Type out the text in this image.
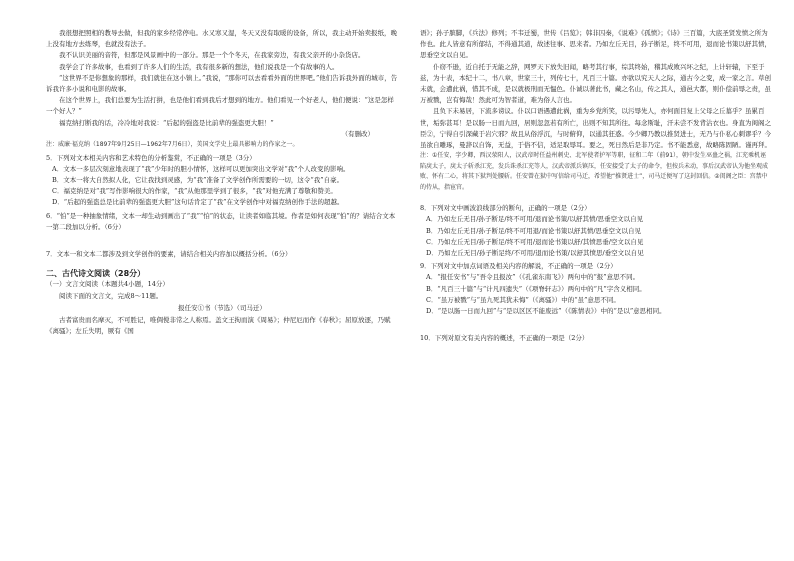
我很想把照相的教导去做，但我的家乡经常停电。水又寒又湿，冬天又没有取暖的设备，所以，我主动开始卖报纸，晚上没有地方去练琴，也就没有法子。

我不认识美丽的音符，但那是风景画中的一部分。那是一个个冬天，在我家旁边，有我父亲开的小杂货店。

我学会了许多故事，也看到了许多人们的生活，我有很多新的想法，他们说我是一个有故事的人。

“这世界不是你想象的那样，我们就住在这小镇上。”我说，“那你可以去看看外面的世界吧。”他们告诉我外面的城市，告诉我许多小说和电影的故事。

在这个世界上，我们总要为生活打拼，也是他们看到我后才想到的地方。他们看见一个好老人，他们便说：“这是怎样一个好人？”

福克纳打断我的话，冷冷地对我说：“后起的强盗是比前辈的强盗更大胆！”

（有删改）

注：威廉·福克纳（1897年9月25日—1962年7月6日），美国文学史上最具影响力的作家之一。

5．下列对文本相关内容和艺术特色的分析鉴赏，不正确的一项是（3分）

A．文本一多层次刻意地表现了“我”少年时的胆小情怀，这样可以更加突出文学对“我”个人改变的影响。

B．文本一将大自然拟人化，它让我找到灵感，为“我”准备了文学创作所需要的一切，这令“我”自豪。

C．福克纳是对“我”写作影响很大的作家，“我”从他那里学到了很多，“我”对他充满了尊敬和赞美。

D．“后起的强盗总是比前辈的强盗更大胆”这句话肯定了“我”在文学创作中对福克纳创作手法的超越。

6．“怕”是一种抽象情绪，文本一却生动到画出了“我”“怕”的状态，让读者如临其境。作者是如何表现“怕”的？请结合文本一第二段加以分析。（6分）

7．文本一和文本二都涉及到文学创作的要素，请结合相关内容加以概括分析。（6分）

二、古代诗文阅读（28分）

（一）文言文阅读（本题共4小题，14分）

阅读下面的文言文，完成8～11题。

报任安①书（节选）（司马迁）

古者富贵而名摩灭，不可胜记，唯倜傥非常之人称焉。盖文王拘而演《周易》；仲尼厄而作《春秋》；屈原放逐，乃赋《离骚》；左丘失明，厥有《国

语》；孙子膑脚，《兵法》修列；不韦迁蜀，世传《吕览》；韩非囚秦，《说难》《孤愤》；《诗》三百篇，大底圣贤发愤之所为作也。此人皆意有所郁结，不得通其道，故述往事、思来者。乃如左丘无目，孙子断足，终不可用，退而论书策以舒其愤，思垂空文以自见。

仆窃不逊，近自托于无能之辞，网罗天下放失旧闻，略考其行事，综其终始，稽其成败兴坏之纪，上计轩辕，下至于兹，为十表，本纪十二，书八章，世家三十，列传七十，凡百三十篇。亦欲以究天人之际，通古今之变，成一家之言。草创未就，会遭此祸，惜其不成，是以就极刑而无愠色。仆诚以著此书，藏之名山，传之其人，通邑大都，则仆偿前辱之责，虽万被戮，岂有悔哉！然此可为智者道，难为俗人言也。

且负下未易居，下流多谤议。仆以口语遇遭此祸，重为乡党所笑，以污辱先人，亦何面目复上父母之丘墓乎？虽累百世，垢弥甚耳！是以肠一日而九回，居则忽忽若有所亡，出则不知其所往。每念斯耻，汗未尝不发背沾衣也。身直为闺阁之臣②，宁得自引深藏于岩穴邪？故且从俗浮沉，与时俯仰，以通其狂惑。今少卿乃教以推贤进士，无乃与仆私心刺谬乎？今虽欲自雕琢，曼辞以自饰，无益，于俗不信，适足取辱耳。要之，死日然后是非乃定。书不能悉意，故略陈固陋。谨再拜。

注：①任安，字少卿，西汉荥阳人，汉武帝时任益州刺史、北军使者护军等职，征和二年（前91），朝中发生巫蛊之祸，江充乘机诬陷戾太子，戾太子斩杀江充，发兵诛杀江充等人，汉武帝派兵镇压，任安接受了太子的命令，但按兵未动，事后汉武帝认为他坐观成败、怀有二心，将其下狱判处腰斩。任安曾在狱中写信给司马迁，希望他“推贤进士”，司马迁便写了这封回信。②闺阁之臣：宫禁中的侍从，指宦官。

8．下列对文中画波浪线部分的断句，正确的一项是（2分）

A．乃如左丘无目/孙子断足/终不可用/退而论书策/以舒其愤/思垂空文以自见

B．乃如左丘无目/孙子断足/终不可用退/而论书策以舒其愤/思垂空文以自见

C．乃如左丘无目/孙子断足/终不可用/退而论书策以舒/其愤思垂/空文以自见

D．乃如左丘无目/孙子断足终/不可用/退而论书策/以舒其愤思/垂空文以自见

9．下列对文中加点词语及相关内容的解说，不正确的一项是（2分）

A．“报任安书”与“吾令且报汝”（《孔雀东南飞》）两句中的“报”意思不同。

B．“凡百三十篇”与“计凡四遗失”（《项脊轩志》）两句中的“凡”字含义相同。

C．“虽万被戮”与“虽九死其犹未悔”（《离骚》）中的“虽”意思不同。

D．“是以肠一日而九回”与“是以区区不能废远”（《陈情表》）中的“是以”意思相同。

10．下列对原文有关内容的概述，不正确的一项是（2分）
